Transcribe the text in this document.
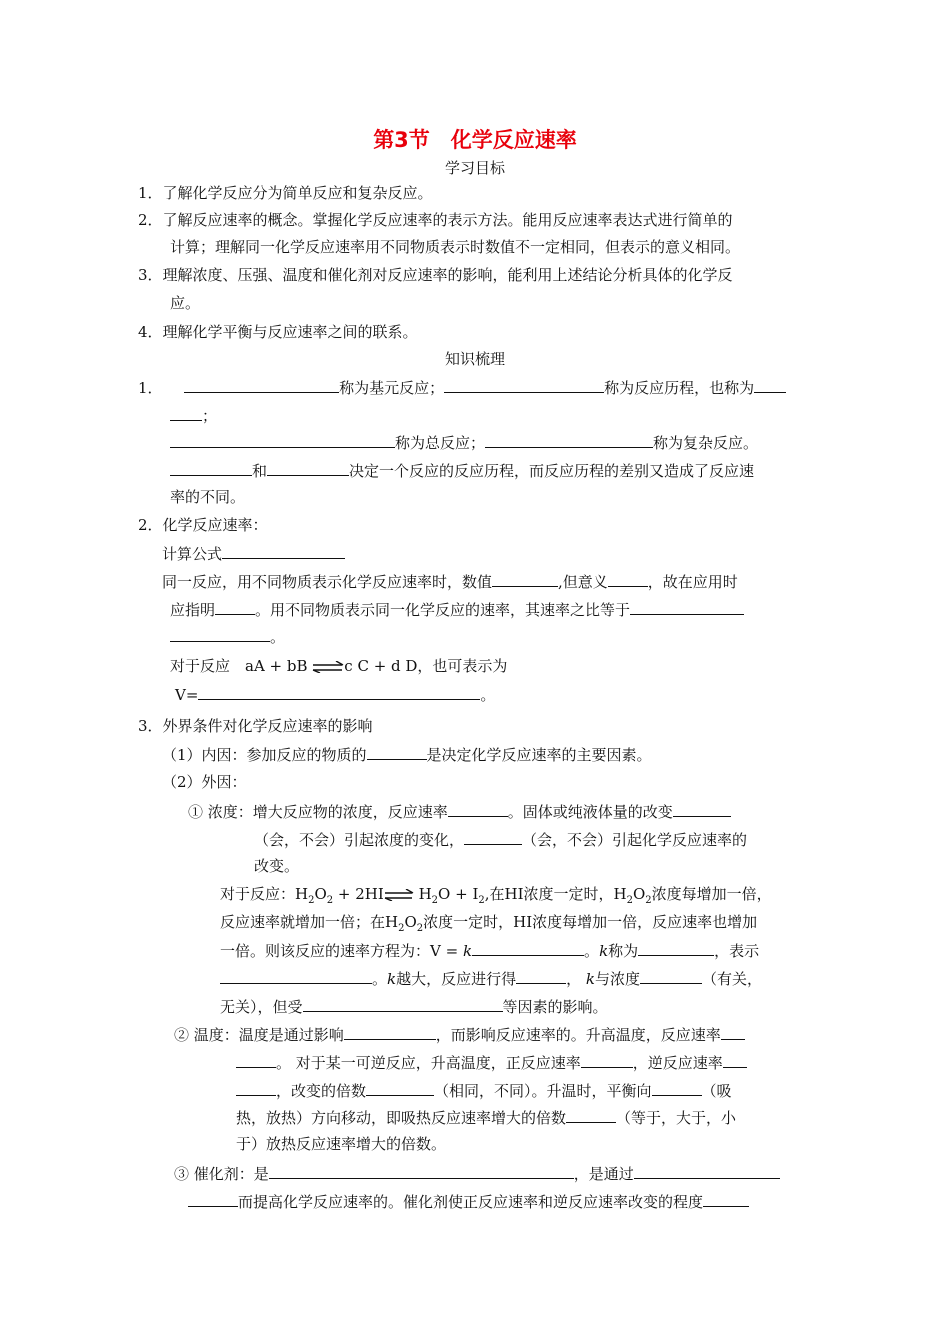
第3节　化学反应速率
学习目标
1．了解化学反应分为简单反应和复杂反应。
2．了解反应速率的概念。掌握化学反应速率的表示方法。能用反应速率表达式进行简单的
计算；理解同一化学反应速率用不同物质表示时数值不一定相同，但表示的意义相同。
3．理解浓度、压强、温度和催化剂对反应速率的影响，能利用上述结论分析具体的化学反
应。
4．理解化学平衡与反应速率之间的联系。
知识梳理
1．	称为基元反应；	称为反应历程，也称为
；
称为总反应；	称为复杂反应。
和	决定一个反应的反应历程，而反应历程的差别又造成了反应速
率的不同。
2．化学反应速率：
计算公式
同一反应，用不同物质表示化学反应速率时，数值	,但意义	，故在应用时
应指明	。用不同物质表示同一化学反应的速率，其速率之比等于
。
对于反应　aA + bB ⇌c C + d D，也可表示为
V=	。
3．外界条件对化学反应速率的影响
（1）内因：参加反应的物质的	是决定化学反应速率的主要因素。
（2）外因：
① 浓度：增大反应物的浓度，反应速率	。固体或纯液体量的改变
（会，不会）引起浓度的变化，	（会，不会）引起化学反应速率的
改变。
对于反应：$H_2O_2$ + 2HI⇌ $H_2O + I_2$,在HI浓度一定时，$H_2O_2$浓度每增加一倍，
反应速率就增加一倍；在$H_2O_2$浓度一定时，HI浓度每增加一倍，反应速率也增加
一倍。则该反应的速率方程为：V = k	。k称为	，表示
。k越大，反应进行得	， k与浓度	（有关，
无关），但受	等因素的影响。
② 温度：温度是通过影响	，而影响反应速率的。升高温度，反应速率
。 对于某一可逆反应，升高温度，正反应速率	，逆反应速率
，改变的倍数	（相同，不同）。升温时，平衡向	（吸
热，放热）方向移动，即吸热反应速率增大的倍数	（等于，大于，小
于）放热反应速率增大的倍数。
③ 催化剂：是	，是通过
而提高化学反应速率的。催化剂使正反应速率和逆反应速率改变的程度
